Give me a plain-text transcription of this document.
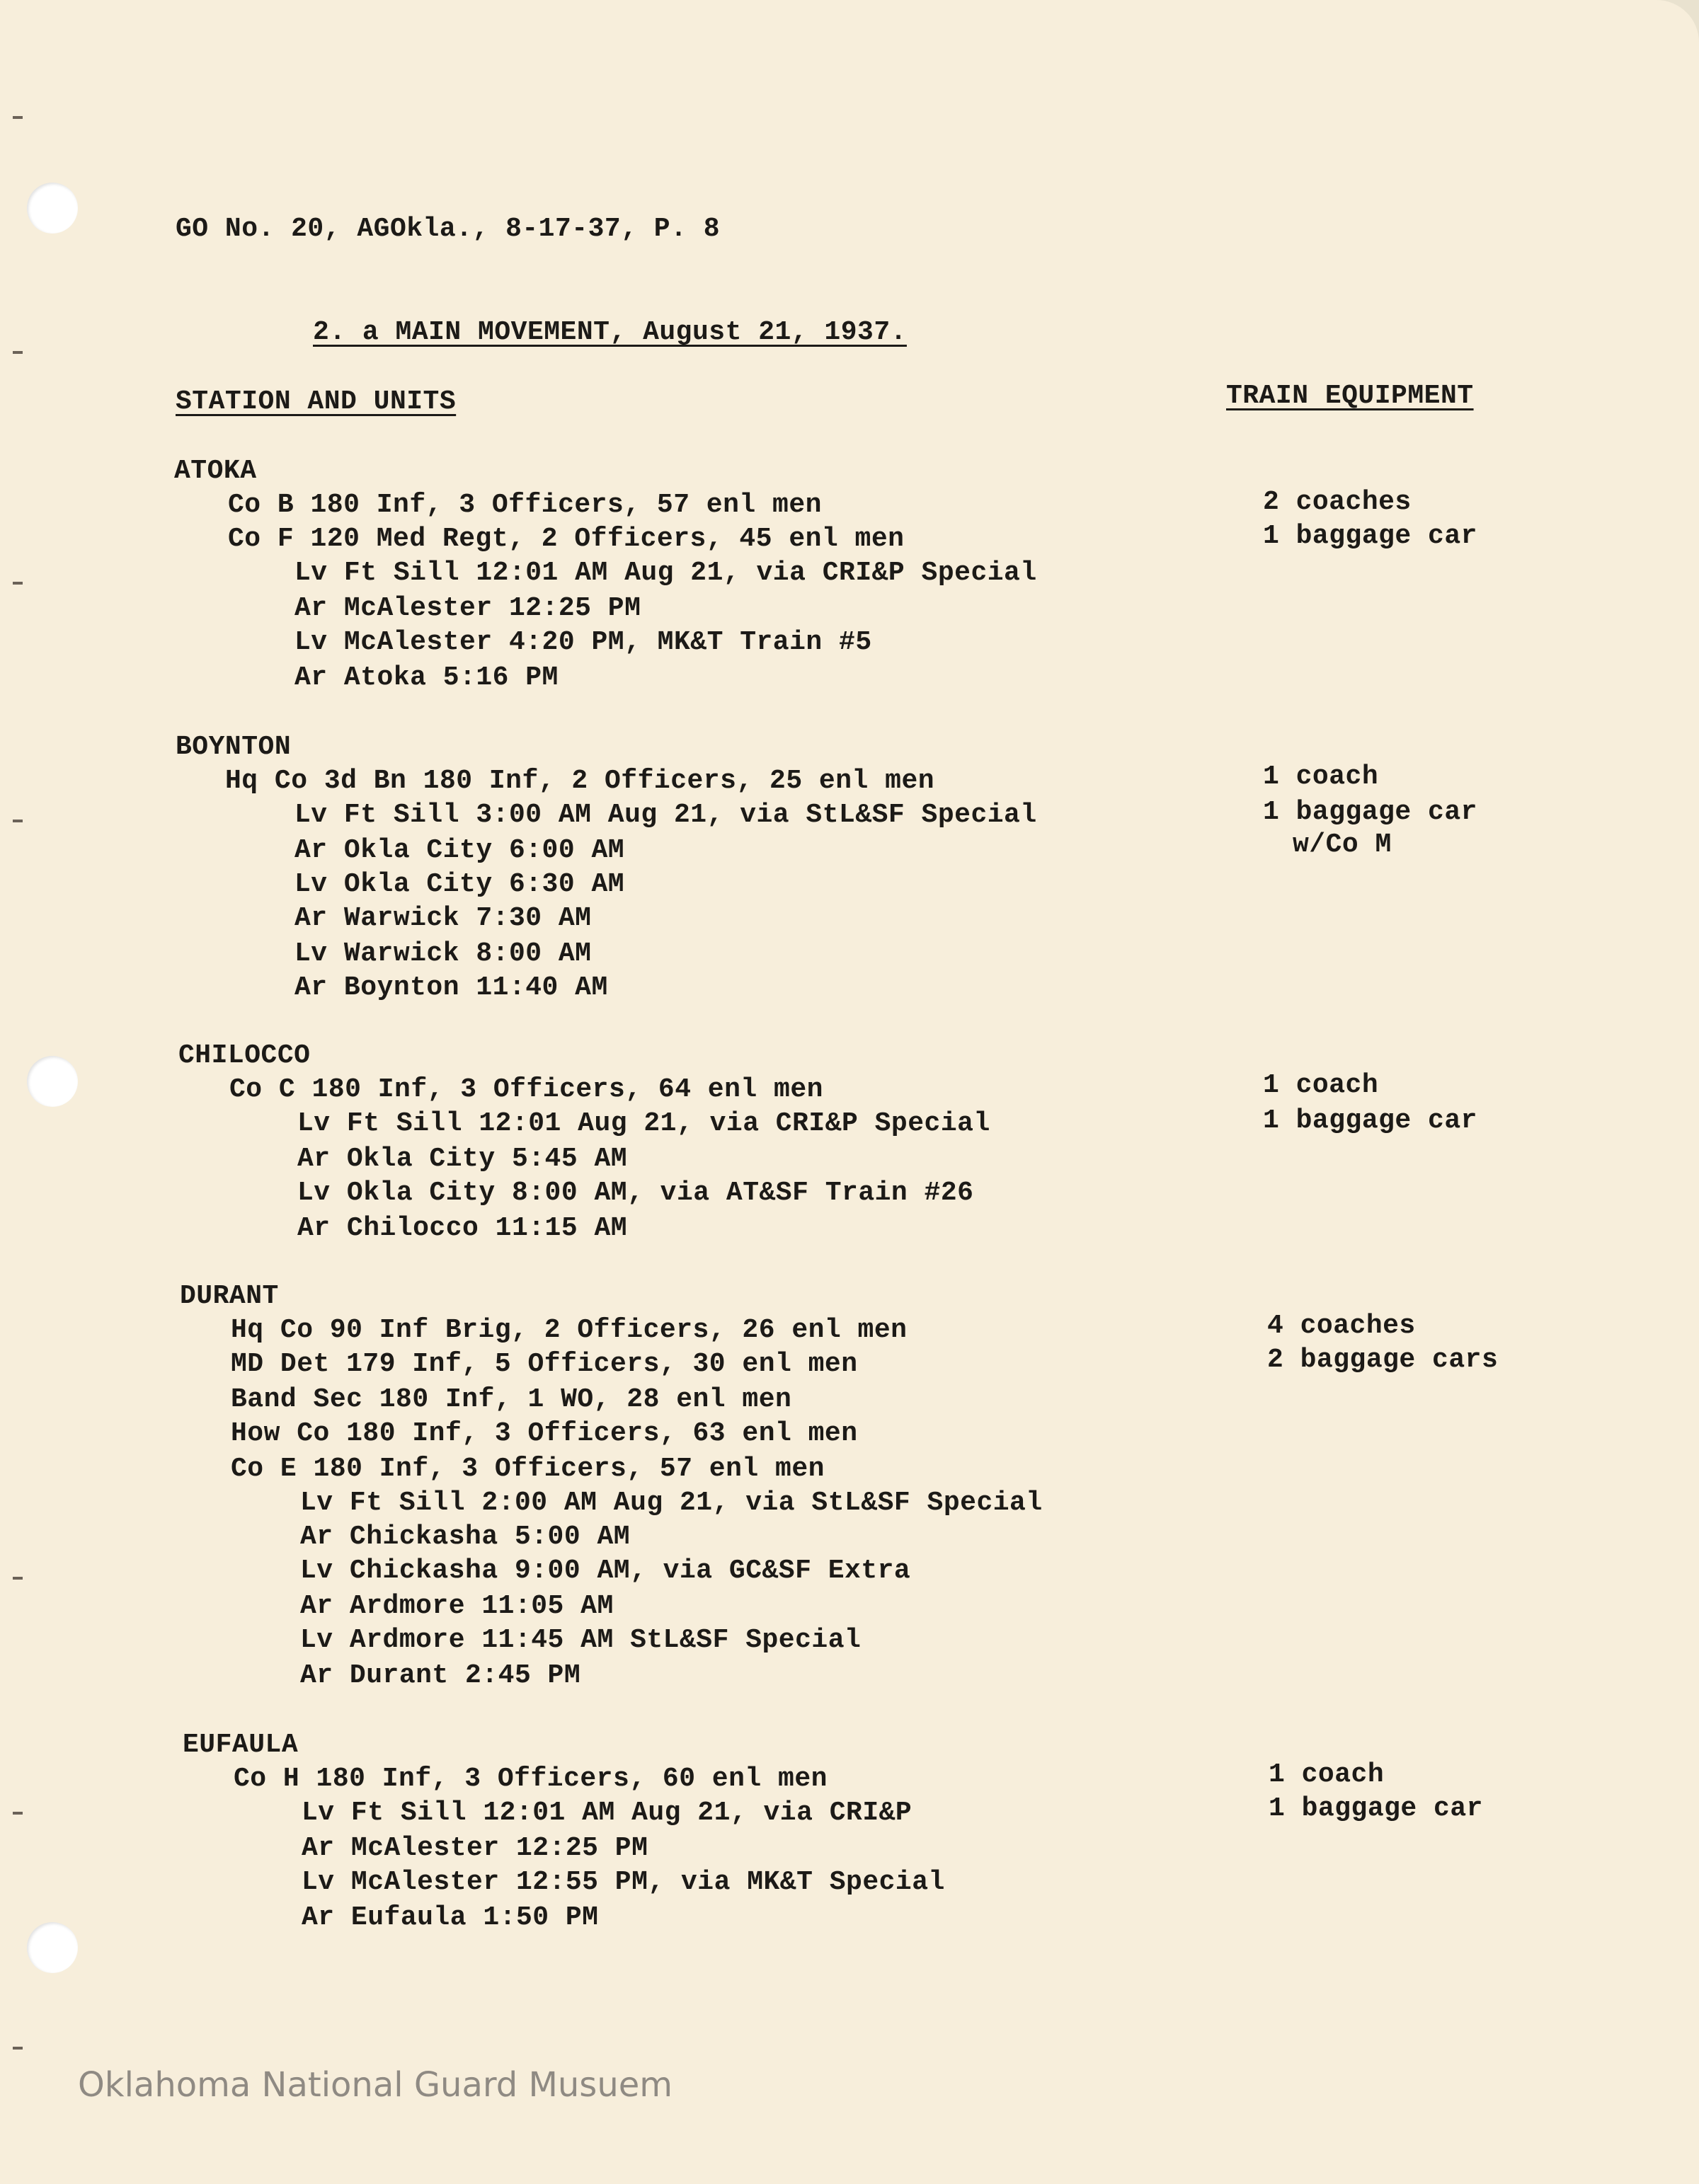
GO No. 20, AGOkla., 8-17-37, P. 8
2. a MAIN MOVEMENT, August 21, 1937.
STATION AND UNITS	TRAIN EQUIPMENT
ATOKA
Co B 180 Inf, 3 Officers, 57 enl men
Co F 120 Med Regt, 2 Officers, 45 enl men
Lv Ft Sill 12:01 AM Aug 21, via CRI&P Special
Ar McAlester 12:25 PM
Lv McAlester 4:20 PM, MK&T Train #5
Ar Atoka 5:16 PM
2 coaches
1 baggage car
BOYNTON
Hq Co 3d Bn 180 Inf, 2 Officers, 25 enl men
Lv Ft Sill 3:00 AM Aug 21, via StL&SF Special
Ar Okla City 6:00 AM
Lv Okla City 6:30 AM
Ar Warwick 7:30 AM
Lv Warwick 8:00 AM
Ar Boynton 11:40 AM
1 coach
1 baggage car
w/Co M
CHILOCCO
Co C 180 Inf, 3 Officers, 64 enl men
Lv Ft Sill 12:01 Aug 21, via CRI&P Special
Ar Okla City 5:45 AM
Lv Okla City 8:00 AM, via AT&SF Train #26
Ar Chilocco 11:15 AM
1 coach
1 baggage car
DURANT
Hq Co 90 Inf Brig, 2 Officers, 26 enl men
MD Det 179 Inf, 5 Officers, 30 enl men
Band Sec 180 Inf, 1 WO, 28 enl men
How Co 180 Inf, 3 Officers, 63 enl men
Co E 180 Inf, 3 Officers, 57 enl men
Lv Ft Sill 2:00 AM Aug 21, via StL&SF Special
Ar Chickasha 5:00 AM
Lv Chickasha 9:00 AM, via GC&SF Extra
Ar Ardmore 11:05 AM
Lv Ardmore 11:45 AM StL&SF Special
Ar Durant 2:45 PM
4 coaches
2 baggage cars
EUFAULA
Co H 180 Inf, 3 Officers, 60 enl men
Lv Ft Sill 12:01 AM Aug 21, via CRI&P
Ar McAlester 12:25 PM
Lv McAlester 12:55 PM, via MK&T Special
Ar Eufaula 1:50 PM
1 coach
1 baggage car
Oklahoma National Guard Musuem
